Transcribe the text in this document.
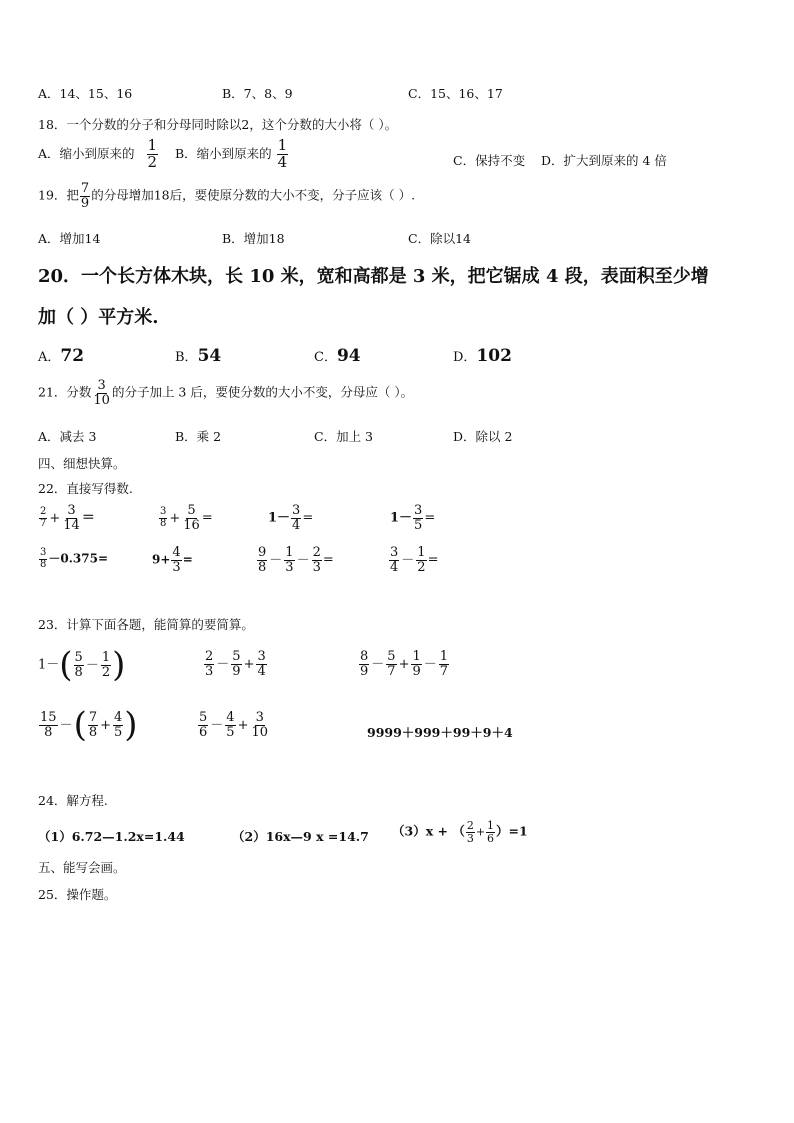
A．14、15、16	B．7、8、9	C．15、16、17
18．一个分数的分子和分母同时除以2，这个分数的大小将（ ）。
A．缩小到原来的 $\frac{1}{2}$ B．缩小到原来的 $\frac{1}{4}$	C．保持不变 D．扩大到原来的 4 倍
19．把 $\frac{7}{9}$ 的分母增加18后，要使原分数的大小不变，分子应该（ ）.
A．增加14	B．增加18	C．除以14
20．一个长方体木块，长 10 米，宽和高都是 3 米，把它锯成 4 段，表面积至少增
加（ ）平方米.
A．72	B．54	C．94	D．102
21．分数 $\frac{3}{10}$ 的分子加上 3 后，要使分数的大小不变，分母应（ ）。
A．减去 3	B．乘 2	C．加上 3	D．除以 2
四、细想快算。
22．直接写得数.
$\frac{2}{7} + \frac{3}{14}$ ＝	$\frac{3}{8} + \frac{5}{16}$ =	$1- \frac{3}{4}$ =	$1- \frac{3}{5}$ =
$\frac{3}{8} -0.375=$	$9+ \frac{4}{3}$ =	$\frac{9}{8} - \frac{1}{3} - \frac{2}{3}$ =	$\frac{3}{4} - \frac{1}{2}$ =
23．计算下面各题，能简算的要简算。
$1-( \frac{5}{8} - \frac{1}{2}$ )	$\frac{2}{3} - \frac{5}{9} + \frac{3}{4}$	$\frac{8}{9} - \frac{5}{7} + \frac{1}{9} - \frac{1}{7}$
$\frac{15}{8}$ －( $\frac{7}{8} + \frac{4}{5}$ )	$\frac{5}{6} - \frac{4}{5} + \frac{3}{10}$	9999＋999＋99＋9＋4
24．解方程.
（1）6.72—1.2x=1.44	（2）16x—9 x =14.7 （3）x + （ $\frac{2}{3} + \frac{1}{6} )=1$
五、能写会画。
25．操作题。
